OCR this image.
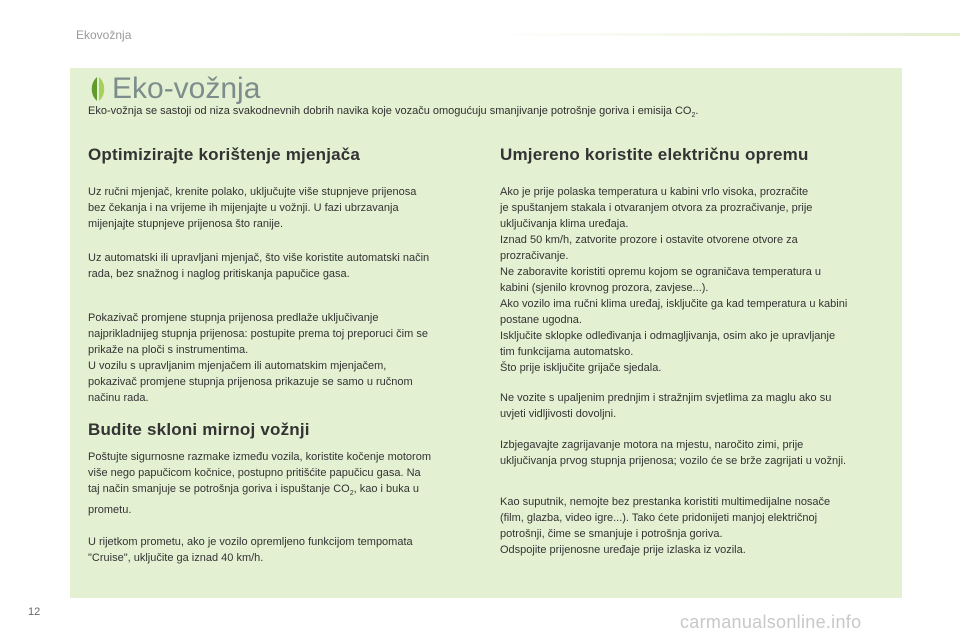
Ekovožnja
Eko-vožnja

Eko-vožnja se sastoji od niza svakodnevnih dobrih navika koje vozaču omogućuju smanjivanje potrošnje goriva i emisija $CO_2$.

Optimizirajte korištenje mjenjača

Uz ručni mjenjač, krenite polako, uključujte više stupnjeve prijenosa
bez čekanja i na vrijeme ih mijenjajte u vožnji. U fazi ubrzavanja
mijenjajte stupnjeve prijenosa što ranije.

Uz automatski ili upravljani mjenjač, što više koristite automatski način
rada, bez snažnog i naglog pritiskanja papučice gasa.

Pokazivač promjene stupnja prijenosa predlaže uključivanje
najprikladnijeg stupnja prijenosa: postupite prema toj preporuci čim se
prikaže na ploči s instrumentima.
U vozilu s upravljanim mjenjačem ili automatskim mjenjačem,
pokazivač promjene stupnja prijenosa prikazuje se samo u ručnom
načinu rada.

Budite skloni mirnoj vožnji

Poštujte sigurnosne razmake između vozila, koristite kočenje motorom
više nego papučicom kočnice, postupno pritišćite papučicu gasa. Na
taj način smanjuje se potrošnja goriva i ispuštanje $CO_2$, kao i buka u
prometu.

U rijetkom prometu, ako je vozilo opremljeno funkcijom tempomata
"Cruise", uključite ga iznad 40 km/h.

Umjereno koristite električnu opremu

Ako je prije polaska temperatura u kabini vrlo visoka, prozračite
je spuštanjem stakala i otvaranjem otvora za prozračivanje, prije
uključivanja klima uređaja.
Iznad 50 km/h, zatvorite prozore i ostavite otvorene otvore za
prozračivanje.
Ne zaboravite koristiti opremu kojom se ograničava temperatura u
kabini (sjenilo krovnog prozora, zavjese...).
Ako vozilo ima ručni klima uređaj, isključite ga kad temperatura u kabini
postane ugodna.
Isključite sklopke odleđivanja i odmagljivanja, osim ako je upravljanje
tim funkcijama automatsko.
Što prije isključite grijače sjedala.

Ne vozite s upaljenim prednjim i stražnjim svjetlima za maglu ako su
uvjeti vidljivosti dovoljni.

Izbjegavajte zagrijavanje motora na mjestu, naročito zimi, prije
uključivanja prvog stupnja prijenosa; vozilo će se brže zagrijati u vožnji.

Kao suputnik, nemojte bez prestanka koristiti multimedijalne nosače
(film, glazba, video igre...). Tako ćete pridonijeti manjoj električnoj
potrošnji, čime se smanjuje i potrošnja goriva.
Odspojite prijenosne uređaje prije izlaska iz vozila.

12	carmanualsonline.info
